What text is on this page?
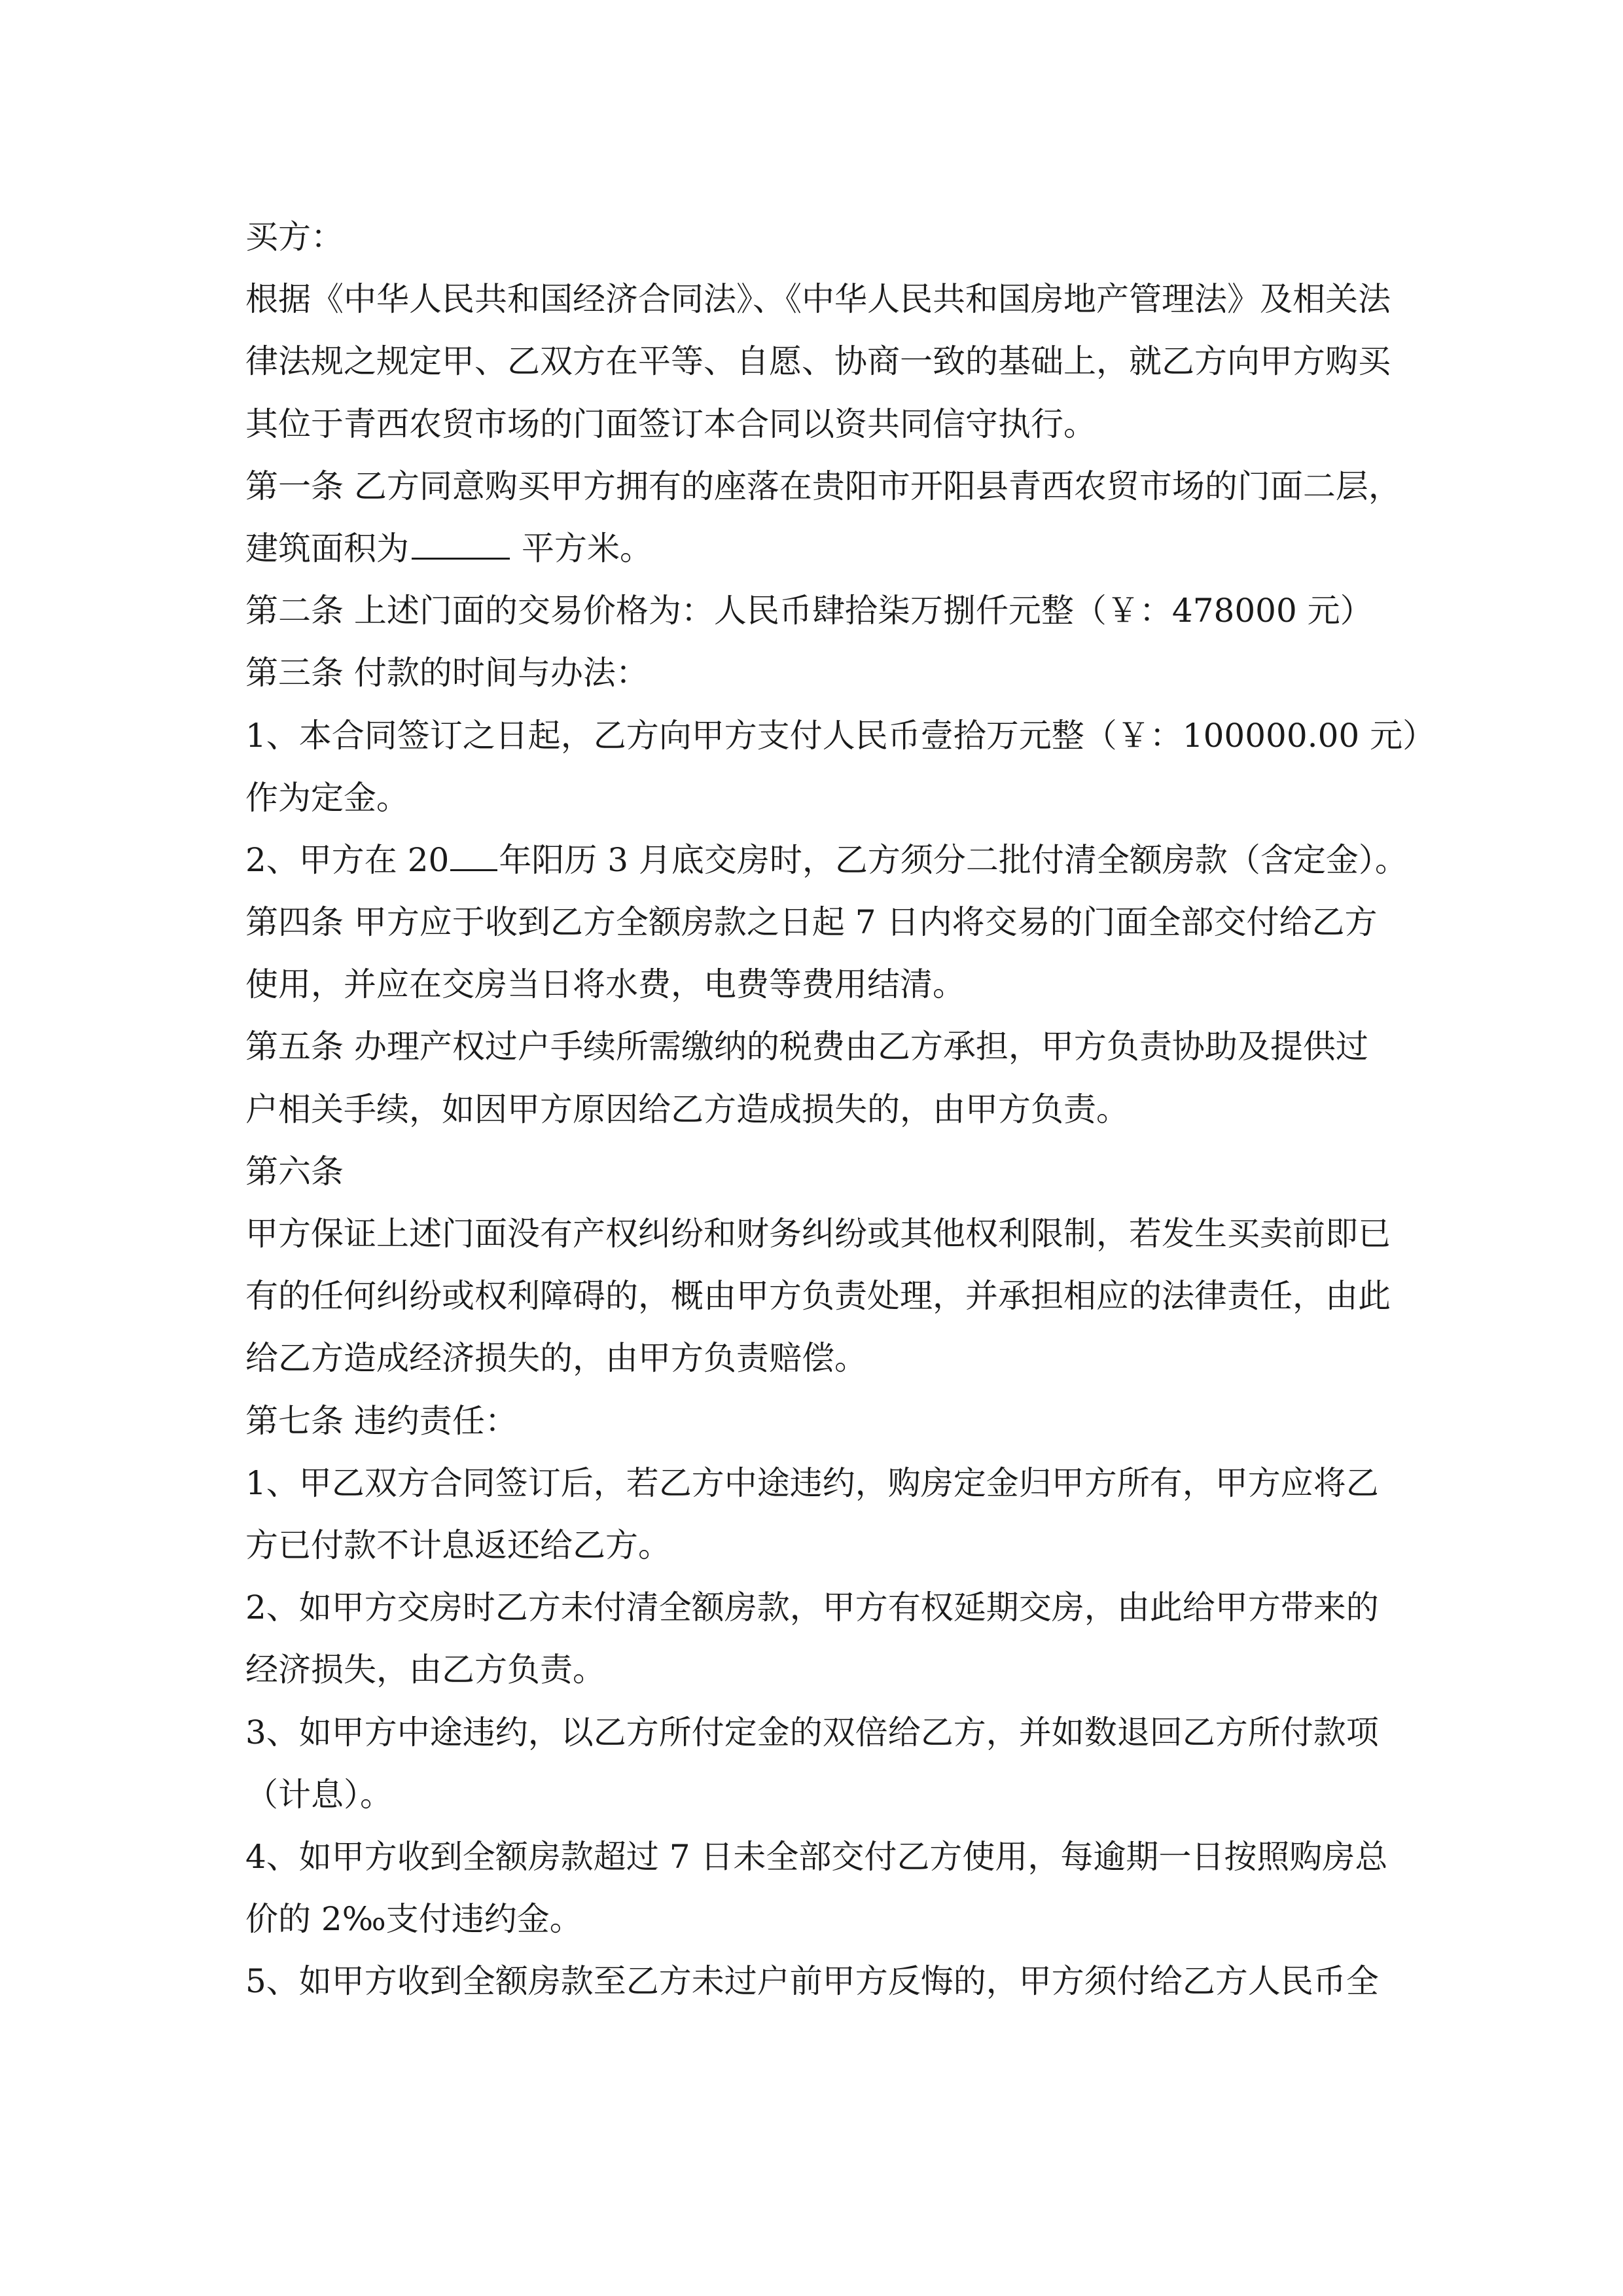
买方：
根据《中华人民共和国经济合同法》、《中华人民共和国房地产管理法》及相关法
律法规之规定甲、乙双方在平等、自愿、协商一致的基础上，就乙方向甲方购买
其位于青西农贸市场的门面签订本合同以资共同信守执行。
第一条 乙方同意购买甲方拥有的座落在贵阳市开阳县青西农贸市场的门面二层，
建筑面积为	平方米。
第二条 上述门面的交易价格为：人民币肆拾柒万捌仟元整（￥：478000 元）
第三条 付款的时间与办法：
1、本合同签订之日起，乙方向甲方支付人民币壹拾万元整（￥：100000.00 元）
作为定金。
2、甲方在 20 年阳历 3 月底交房时，乙方须分二批付清全额房款（含定金）。
第四条 甲方应于收到乙方全额房款之日起 7 日内将交易的门面全部交付给乙方
使用，并应在交房当日将水费，电费等费用结清。
第五条 办理产权过户手续所需缴纳的税费由乙方承担，甲方负责协助及提供过
户相关手续，如因甲方原因给乙方造成损失的，由甲方负责。
第六条
甲方保证上述门面没有产权纠纷和财务纠纷或其他权利限制，若发生买卖前即已
有的任何纠纷或权利障碍的，概由甲方负责处理，并承担相应的法律责任，由此
给乙方造成经济损失的，由甲方负责赔偿。
第七条 违约责任：
1、甲乙双方合同签订后，若乙方中途违约，购房定金归甲方所有，甲方应将乙
方已付款不计息返还给乙方。
2、如甲方交房时乙方未付清全额房款，甲方有权延期交房，由此给甲方带来的
经济损失，由乙方负责。
3、如甲方中途违约，以乙方所付定金的双倍给乙方，并如数退回乙方所付款项
（计息）。
4、如甲方收到全额房款超过 7 日未全部交付乙方使用，每逾期一日按照购房总
价的 2‰支付违约金。
5、如甲方收到全额房款至乙方未过户前甲方反悔的，甲方须付给乙方人民币全
